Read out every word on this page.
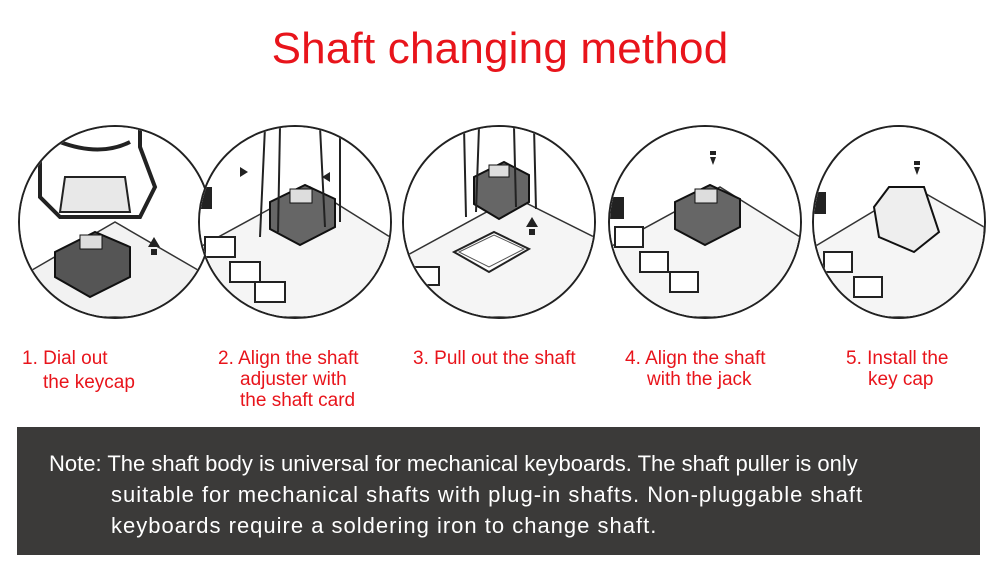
Shaft changing method
1. Dial out
the keycap
2. Align the shaft
adjuster with
the shaft card
3. Pull out the shaft	4. Align the shaft
with the jack
5. Install the
key cap
Note: The shaft body is universal for mechanical keyboards. The shaft puller is only
suitable for mechanical shafts with plug-in shafts. Non-pluggable shaft
keyboards require a soldering iron to change shaft.
